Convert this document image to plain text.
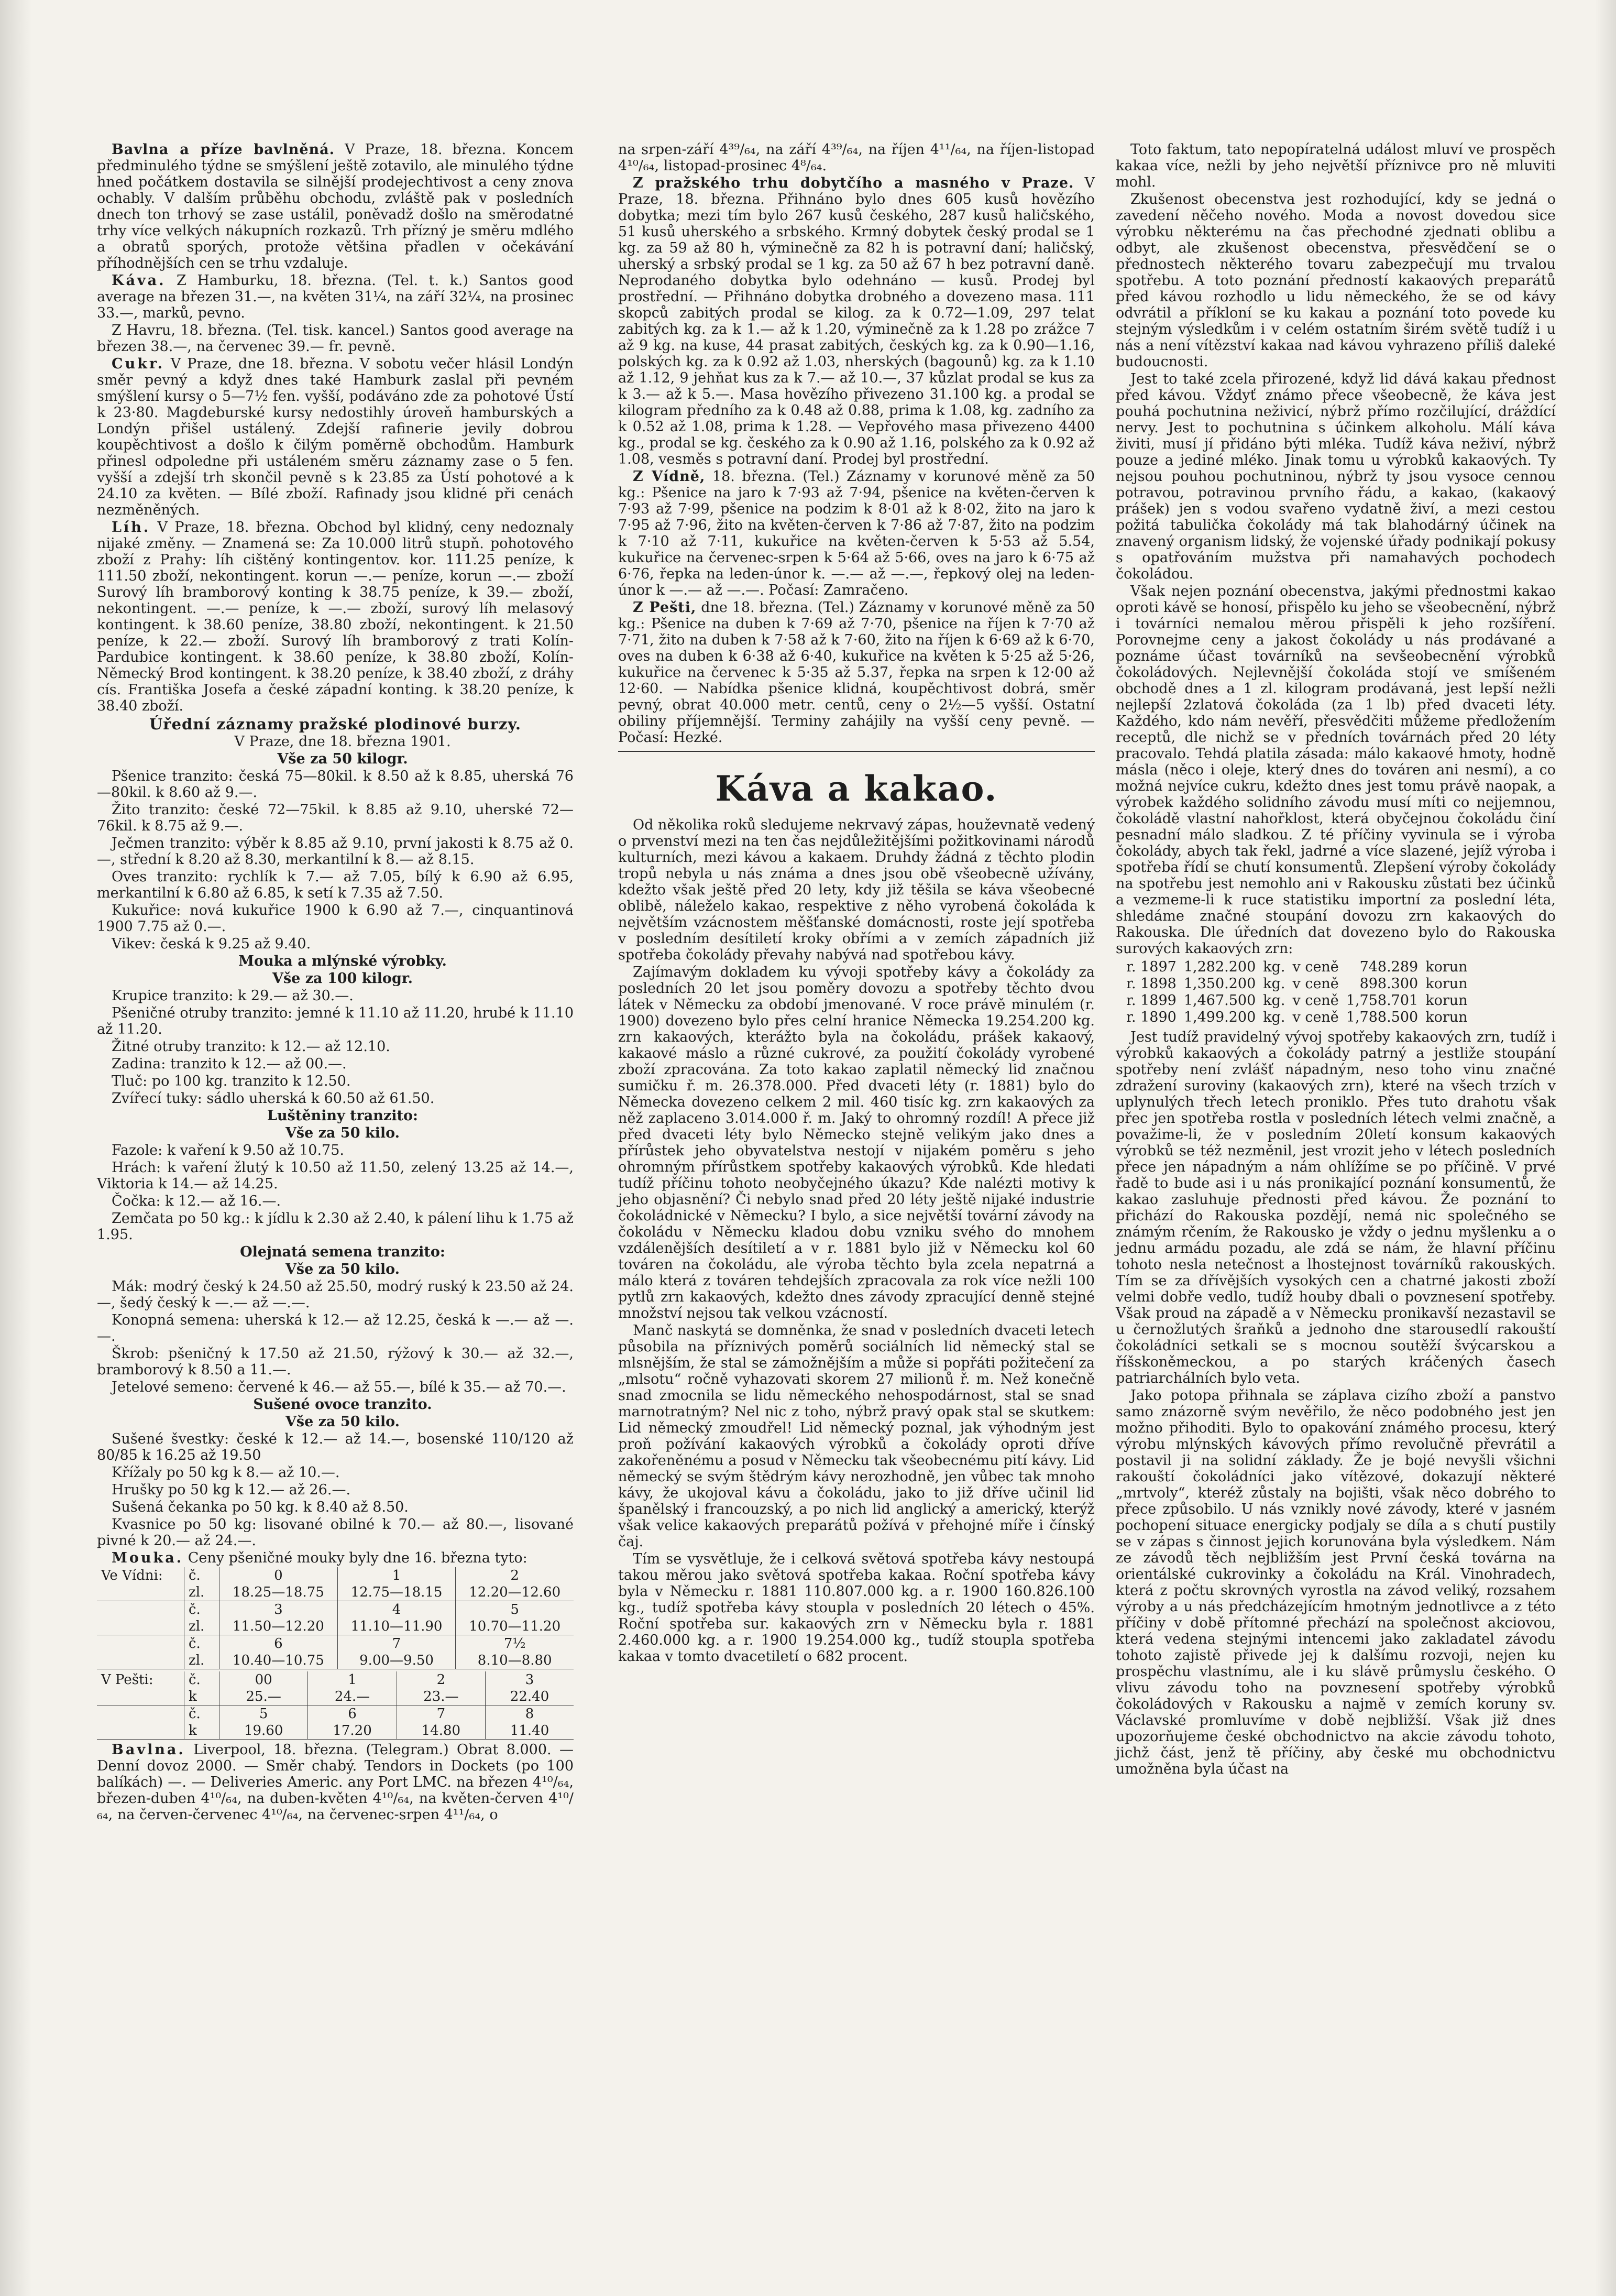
Bavlna a příze bavlněná. V Praze, 18. března. Koncem předminulého týdne se smýšlení ještě zotavilo, ale minulého týdne hned počátkem dostavila se silnější prodejechtivost a ceny znova ochably. V dalším průběhu obchodu, zvláště pak v posledních dnech ton trhový se zase ustálil, poněvadž došlo na směrodatné trhy více velkých nákupních rozkazů. Trh přízný je směru mdlého a obratů sporých, protože většina přadlen v očekávání příhodnějších cen se trhu vzdaluje.

Káva. Z Hamburku, 18. března. (Tel. t. k.) Santos good average na březen 31.—, na květen 31¼, na září 32¼, na prosinec 33.—, marků, pevno.

Z Havru, 18. března. (Tel. tisk. kancel.) Santos good average na březen 38.—, na červenec 39.— fr. pevně.

Cukr. V Praze, dne 18. března. V sobotu večer hlásil Londýn směr pevný a když dnes také Hamburk zaslal při pevném smýšlení kursy o 5—7½ fen. vyšší, podáváno zde za pohotové Ústí k 23·80. Magdeburské kursy nedostihly úroveň hamburských a Londýn přišel ustálený. Zdejší rafinerie jevily dobrou koupěchtivost a došlo k čilým poměrně obchodům. Hamburk přinesl odpoledne při ustáleném směru záznamy zase o 5 fen. vyšší a zdejší trh skončil pevně s k 23.85 za Ústí pohotové a k 24.10 za květen. — Bílé zboží. Rafinady jsou klidné při cenách nezměněných.

Líh. V Praze, 18. března. Obchod byl klidný, ceny nedoznaly nijaké změny. — Znamená se: Za 10.000 litrů stupň. pohotového zboží z Prahy: líh cištěný kontingentov. kor. 111.25 peníze, k 111.50 zboží, nekontingent. korun —.— peníze, korun —.— zboží Surový líh bramborový konting k 38.75 peníze, k 39.— zboží, nekontingent. —.— peníze, k —.— zboží, surový líh melasový kontingent. k 38.60 peníze, 38.80 zboží, nekontingent. k 21.50 peníze, k 22.— zboží. Surový líh bramborový z trati Kolín-Pardubice kontingent. k 38.60 peníze, k 38.80 zboží, Kolín-Německý Brod kontingent. k 38.20 peníze, k 38.40 zboží, z dráhy cís. Františka Josefa a české západní konting. k 38.20 peníze, k 38.40 zboží.

Úřední záznamy pražské plodinové burzy.

V Praze, dne 18. března 1901.

Vše za 50 kilogr.

Pšenice tranzito: česká 75—80kil. k 8.50 až k 8.85, uherská 76—80kil. k 8.60 až 9.—.

Žito tranzito: české 72—75kil. k 8.85 až 9.10, uherské 72—76kil. k 8.75 až 9.—.

Ječmen tranzito: výběr k 8.85 až 9.10, první jakosti k 8.75 až 0.—, střední k 8.20 až 8.30, merkantilní k 8.— až 8.15.

Oves tranzito: rychlík k 7.— až 7.05, bílý k 6.90 až 6.95, merkantilní k 6.80 až 6.85, k setí k 7.35 až 7.50.

Kukuřice: nová kukuřice 1900 k 6.90 až 7.—, cinquantinová 1900 7.75 až 0.—.

Vikev: česká k 9.25 až 9.40.

Mouka a mlýnské výrobky.

Vše za 100 kilogr.

Krupice tranzito: k 29.— až 30.—.

Pšeničné otruby tranzito: jemné k 11.10 až 11.20, hrubé k 11.10 až 11.20.

Žitné otruby tranzito: k 12.— až 12.10.

Zadina: tranzito k 12.— až 00.—.

Tluč: po 100 kg. tranzito k 12.50.

Zvířecí tuky: sádlo uherská k 60.50 až 61.50.

Luštěniny tranzito:

Vše za 50 kilo.

Fazole: k vaření k 9.50 až 10.75.

Hrách: k vaření žlutý k 10.50 až 11.50, zelený 13.25 až 14.—, Viktoria k 14.— až 14.25.

Čočka: k 12.— až 16.—.

Zemčata po 50 kg.: k jídlu k 2.30 až 2.40, k pálení lihu k 1.75 až 1.95.

Olejnatá semena tranzito:

Vše za 50 kilo.

Mák: modrý český k 24.50 až 25.50, modrý ruský k 23.50 až 24.—, šedý český k —.— až —.—.

Konopná semena: uherská k 12.— až 12.25, česká k —.— až —.—.

Škrob: pšeničný k 17.50 až 21.50, rýžový k 30.— až 32.—, bramborový k 8.50 a 11.—.

Jetelové semeno: červené k 46.— až 55.—, bílé k 35.— až 70.—.

Sušené ovoce tranzito.

Vše za 50 kilo.

Sušené švestky: české k 12.— až 14.—, bosenské 110/120 až 80/85 k 16.25 až 19.50

Křížaly po 50 kg k 8.— až 10.—.

Hrušky po 50 kg k 12.— až 26.—.

Sušená čekanka po 50 kg. k 8.40 až 8.50.

Kvasnice po 50 kg: lisované obilné k 70.— až 80.—, lisované pivné k 20.— až 24.—.

Mouka. Ceny pšeničné mouky byly dne 16. března tyto:

Ve Vídni:	č.	0	1	2
	zl.	18.25—18.75	12.75—18.15	12.20—12.60
	č.	3	4	5
	zl.	11.50—12.20	11.10—11.90	10.70—11.20
	č.	6	7	7½
	zl.	10.40—10.75	9.00—9.50	8.10—8.80
V Pešti:	č.	00	1	2	3
	k	25.—	24.—	23.—	22.40
	č.	5	6	7	8
	k	19.60	17.20	14.80	11.40

Bavlna. Liverpool, 18. března. (Telegram.) Obrat 8.000. — Denní dovoz 2000. — Směr chabý. Tendors in Dockets (po 100 balíkách) —. — Deliveries Americ. any Port LMC. na březen 4¹⁰/₆₄, březen-duben 4¹⁰/₆₄, na duben-květen 4¹⁰/₆₄, na květen-červen 4¹⁰/₆₄, na červen-červenec 4¹⁰/₆₄, na červenec-srpen 4¹¹/₆₄, o

na srpen-září 4³⁹/₆₄, na září 4³⁹/₆₄, na říjen 4¹¹/₆₄, na říjen-listopad 4¹⁰/₆₄, listopad-prosinec 4⁸/₆₄.

Z pražského trhu dobytčího a masného v Praze. V Praze, 18. března. Přihnáno bylo dnes 605 kusů hovězího dobytka; mezi tím bylo 267 kusů českého, 287 kusů haličského, 51 kusů uherského a srbského. Krmný dobytek český prodal se 1 kg. za 59 až 80 h, výminečně za 82 h is potravní daní; haličský, uherský a srbský prodal se 1 kg. za 50 až 67 h bez potravní daně. Neprodaného dobytka bylo odehnáno — kusů. Prodej byl prostřední. — Přihnáno dobytka drobného a dovezeno masa. 111 skopců zabitých prodal se kilog. za k 0.72—1.09, 297 telat zabitých kg. za k 1.— až k 1.20, výminečně za k 1.28 po zrážce 7 až 9 kg. na kuse, 44 prasat zabitých, českých kg. za k 0.90—1.16, polských kg. za k 0.92 až 1.03, nherských (bagounů) kg. za k 1.10 až 1.12, 9 jehňat kus za k 7.— až 10.—, 37 kůzlat prodal se kus za k 3.— až k 5.—. Masa hovězího přivezeno 31.100 kg. a prodal se kilogram předního za k 0.48 až 0.88, prima k 1.08, kg. zadního za k 0.52 až 1.08, prima k 1.28. — Vepřového masa přivezeno 4400 kg., prodal se kg. českého za k 0.90 až 1.16, polského za k 0.92 až 1.08, vesměs s potravní daní. Prodej byl prostřední.

Z Vídně, 18. března. (Tel.) Záznamy v korunové měně za 50 kg.: Pšenice na jaro k 7·93 až 7·94, pšenice na květen-červen k 7·93 až 7·99, pšenice na podzim k 8·01 až k 8·02, žito na jaro k 7·95 až 7·96, žito na květen-červen k 7·86 až 7·87, žito na podzim k 7·10 až 7·11, kukuřice na květen-červen k 5·53 až 5.54, kukuřice na červenec-srpen k 5·64 až 5·66, oves na jaro k 6·75 až 6·76, řepka na leden-únor k. —.— až —.—, řepkový olej na leden-únor k —.— až —.—. Počasí: Zamračeno.

Z Pešti, dne 18. března. (Tel.) Záznamy v korunové měně za 50 kg.: Pšenice na duben k 7·69 až 7·70, pšenice na říjen k 7·70 až 7·71, žito na duben k 7·58 až k 7·60, žito na říjen k 6·69 až k 6·70, oves na duben k 6·38 až 6·40, kukuřice na květen k 5·25 až 5·26, kukuřice na červenec k 5·35 až 5.37, řepka na srpen k 12·00 až 12·60. — Nabídka pšenice klidná, koupěchtivost dobrá, směr pevný, obrat 40.000 metr. centů, ceny o 2½—5 vyšší. Ostatní obiliny příjemnější. Terminy zahájily na vyšší ceny pevně. — Počasí: Hezké.

Káva a kakao.

Od několika roků sledujeme nekrvavý zápas, houževnatě vedený o prvenství mezi na ten čas nejdůležitějšími požitkovinami národů kulturních, mezi kávou a kakaem. Druhdy žádná z těchto plodin tropů nebyla u nás známa a dnes jsou obě všeobecně užívány, kdežto však ještě před 20 lety, kdy již těšila se káva všeobecné oblibě, náleželo kakao, respektive z něho vyrobená čokoláda k největším vzácnostem měšťanské domácnosti, roste její spotřeba v posledním desítiletí kroky obřími a v zemích západních již spotřeba čokolády převahy nabývá nad spotřebou kávy.

Zajímavým dokladem ku vývoji spotřeby kávy a čokolády za posledních 20 let jsou poměry dovozu a spotřeby těchto dvou látek v Německu za období jmenované. V roce právě minulém (r. 1900) dovezeno bylo přes celní hranice Německa 19.254.200 kg. zrn kakaových, kterážto byla na čokoládu, prášek kakaový, kakaové máslo a různé cukrové, za použití čokolády vyrobené zboží zpracována. Za toto kakao zaplatil německý lid značnou sumičku ř. m. 26.378.000. Před dvaceti léty (r. 1881) bylo do Německa dovezeno celkem 2 mil. 460 tisíc kg. zrn kakaových za něž zaplaceno 3.014.000 ř. m. Jaký to ohromný rozdíl! A přece již před dvaceti léty bylo Německo stejně velikým jako dnes a přírůstek jeho obyvatelstva nestojí v nijakém poměru s jeho ohromným přírůstkem spotřeby kakaových výrobků. Kde hledati tudíž příčinu tohoto neobyčejného úkazu? Kde nalézti motivy k jeho objasnění? Či nebylo snad před 20 léty ještě nijaké industrie čokoládnické v Německu? I bylo, a sice největší tovární závody na čokoládu v Německu kladou dobu vzniku svého do mnohem vzdálenějších desítiletí a v r. 1881 bylo již v Německu kol 60 továren na čokoládu, ale výroba těchto byla zcela nepatrná a málo která z továren tehdejších zpracovala za rok více nežli 100 pytlů zrn kakaových, kdežto dnes závody zpracující denně stejné množství nejsou tak velkou vzácností.

Manč naskytá se domněnka, že snad v posledních dvaceti letech působila na příznivých poměrů sociálních lid německý stal se mlsnějším, že stal se zámožnějším a může si popřáti požitečení za „mlsotu“ ročně vyhazovati skorem 27 milionů ř. m. Než konečně snad zmocnila se lidu německého nehospodárnost, stal se snad marnotratným? Nel nic z toho, nýbrž pravý opak stal se skutkem: Lid německý zmoudřel! Lid německý poznal, jak výhodným jest proň požívání kakaových výrobků a čokolády oproti dříve zakořeněnému a posud v Německu tak všeobecnému pití kávy. Lid německý se svým štědrým kávy nerozhodně, jen vůbec tak mnoho kávy, že ukojoval kávu a čokoládu, jako to již dříve učinil lid španělský i francouzský, a po nich lid anglický a americký, kterýž však velice kakaových preparátů požívá v přehojné míře i čínský čaj.

Tím se vysvětluje, že i celková světová spotřeba kávy nestoupá takou měrou jako světová spotřeba kakaa. Roční spotřeba kávy byla v Německu r. 1881 110.807.000 kg. a r. 1900 160.826.100 kg., tudíž spotřeba kávy stoupla v posledních 20 létech o 45%. Roční spotřeba sur. kakaových zrn v Německu byla r. 1881 2.460.000 kg. a r. 1900 19.254.000 kg., tudíž stoupla spotřeba kakaa v tomto dvacetiletí o 682 procent.

Toto faktum, tato nepopíratelná událost mluví ve prospěch kakaa více, nežli by jeho největší příznivce pro ně mluviti mohl.

Zkušenost obecenstva jest rozhodující, kdy se jedná o zavedení něčeho nového. Moda a novost dovedou sice výrobku některému na čas přechodné zjednati oblibu a odbyt, ale zkušenost obecenstva, přesvědčení se o přednostech některého tovaru zabezpečují mu trvalou spotřebu. A toto poznání předností kakaových preparátů před kávou rozhodlo u lidu německého, že se od kávy odvrátil a příkloní se ku kakau a poznání toto povede ku stejným výsledkům i v celém ostatním širém světě tudíž i u nás a není vítězství kakaa nad kávou vyhrazeno příliš daleké budoucnosti.

Jest to také zcela přirozené, když lid dává kakau přednost před kávou. Vždyť známo přece všeobecně, že káva jest pouhá pochutnina neživicí, nýbrž přímo rozčilující, dráždící nervy. Jest to pochutnina s účinkem alkoholu. Málí káva živiti, musí jí přidáno býti mléka. Tudíž káva neživí, nýbrž pouze a jediné mléko. Jinak tomu u výrobků kakaových. Ty nejsou pouhou pochutninou, nýbrž ty jsou vysoce cennou potravou, potravinou prvního řádu, a kakao, (kakaový prášek) jen s vodou svařeno vydatně živí, a mezi cestou požitá tabulička čokolády má tak blahodárný účinek na znavený organism lidský, že vojenské úřady podnikají pokusy s opatřováním mužstva při namahavých pochodech čokoládou.

Však nejen poznání obecenstva, jakými přednostmi kakao oproti kávě se honosí, přispělo ku jeho se všeobecnění, nýbrž i továrníci nemalou měrou přispěli k jeho rozšíření. Porovnejme ceny a jakost čokolády u nás prodávané a poznáme účast továrníků na sevšeobecnění výrobků čokoládových. Nejlevnější čokoláda stojí ve smíšeném obchodě dnes a 1 zl. kilogram prodávaná, jest lepší nežli nejlepší 2zlatová čokoláda (za 1 lb) před dvaceti léty. Každého, kdo nám nevěří, přesvědčiti můžeme předložením receptů, dle nichž se v předních továrnách před 20 léty pracovalo. Tehdá platila zásada: málo kakaové hmoty, hodně másla (něco i oleje, který dnes do továren ani nesmí), a co možná nejvíce cukru, kdežto dnes jest tomu právě naopak, a výrobek každého solidního závodu musí míti co nejjemnou, čokoládě vlastní nahořklost, která obyčejnou čokoládu činí pesnadní málo sladkou. Z té příčiny vyvinula se i výroba čokolády, abych tak řekl, jadrné a více slazené, jejíž výroba i spotřeba řídí se chutí konsumentů. Zlepšení výroby čokolády na spotřebu jest nemohlo ani v Rakousku zůstati bez účinků a vezmeme-li k ruce statistiku importní za poslední léta, shledáme značné stoupání dovozu zrn kakaových do Rakouska. Dle úředních dat dovezeno bylo do Rakouska surových kakaových zrn:

r. 1897	1,282.200	kg.	v ceně	748.289	korun
r. 1898	1,350.200	kg.	v ceně	898.300	korun
r. 1899	1,467.500	kg.	v ceně	1,758.701	korun
r. 1890	1,499.200	kg.	v ceně	1,788.500	korun

Jest tudíž pravidelný vývoj spotřeby kakaových zrn, tudíž i výrobků kakaových a čokolády patrný a jestliže stoupání spotřeby není zvlášť nápadným, neso toho vinu značné zdražení suroviny (kakaových zrn), které na všech trzích v uplynulých třech letech proniklo. Přes tuto drahotu však přec jen spotřeba rostla v posledních létech velmi značně, a považime-li, že v posledním 20letí konsum kakaových výrobků se též nezměnil, jest vrozit jeho v létech posledních přece jen nápadným a nám ohlížíme se po příčině. V prvé řadě to bude asi i u nás pronikající poznání konsumentů, že kakao zasluhuje přednosti před kávou. Že poznání to přichází do Rakouska pozdějí, nemá nic společného se známým rčením, že Rakousko je vždy o jednu myšlenku a o jednu armádu pozadu, ale zdá se nám, že hlavní příčinu tohoto nesla netečnost a lhostejnost továrníků rakouských. Tím se za dřívějších vysokých cen a chatrné jakosti zboží velmi dobře vedlo, tudíž houby dbali o povznesení spotřeby. Však proud na západě a v Německu pronikavší nezastavil se u černožlutých šraňků a jednoho dne starousedlí rakouští čokoládníci setkali se s mocnou soutěží švýcarskou a říšskoněmeckou, a po starých kráčených časech patriarchálních bylo veta.

Jako potopa přihnala se záplava cizího zboží a panstvo samo znázorně svým nevěřilo, že něco podobného jest jen možno přihoditi. Bylo to opakování známého procesu, který výrobu mlýnských kávových přímo revolučně převrátil a postavil ji na solidní základy. Že je bojé nevyšli všichni rakouští čokoládníci jako vítězové, dokazují některé „mrtvoly“, kteréž zůstaly na bojišti, však něco dobrého to přece způsobilo. U nás vznikly nové závody, které v jasném pochopení situace energicky podjaly se díla a s chutí pustily se v zápas s činnost jejich korunována byla výsledkem. Nám ze závodů těch nejbližším jest První česká továrna na orientálské cukrovinky a čokoládu na Král. Vinohradech, která z počtu skrovných vyrostla na závod veliký, rozsahem výroby a u nás předcházejícím hmotným jednotlivce a z této příčiny v době přítomné přechází na společnost akciovou, která vedena stejnými intencemi jako zakladatel závodu tohoto zajistě přivede jej k dalšímu rozvoji, nejen ku prospěchu vlastnímu, ale i ku slávě průmyslu českého. O vlivu závodu toho na povznesení spotřeby výrobků čokoládových v Rakousku a najmě v zemích koruny sv. Václavské promluvíme v době nejbližší. Však již dnes upozorňujeme české obchodnictvo na akcie závodu tohoto, jichž část, jenž tě příčiny, aby české mu obchodnictvu umožněna byla účast na
